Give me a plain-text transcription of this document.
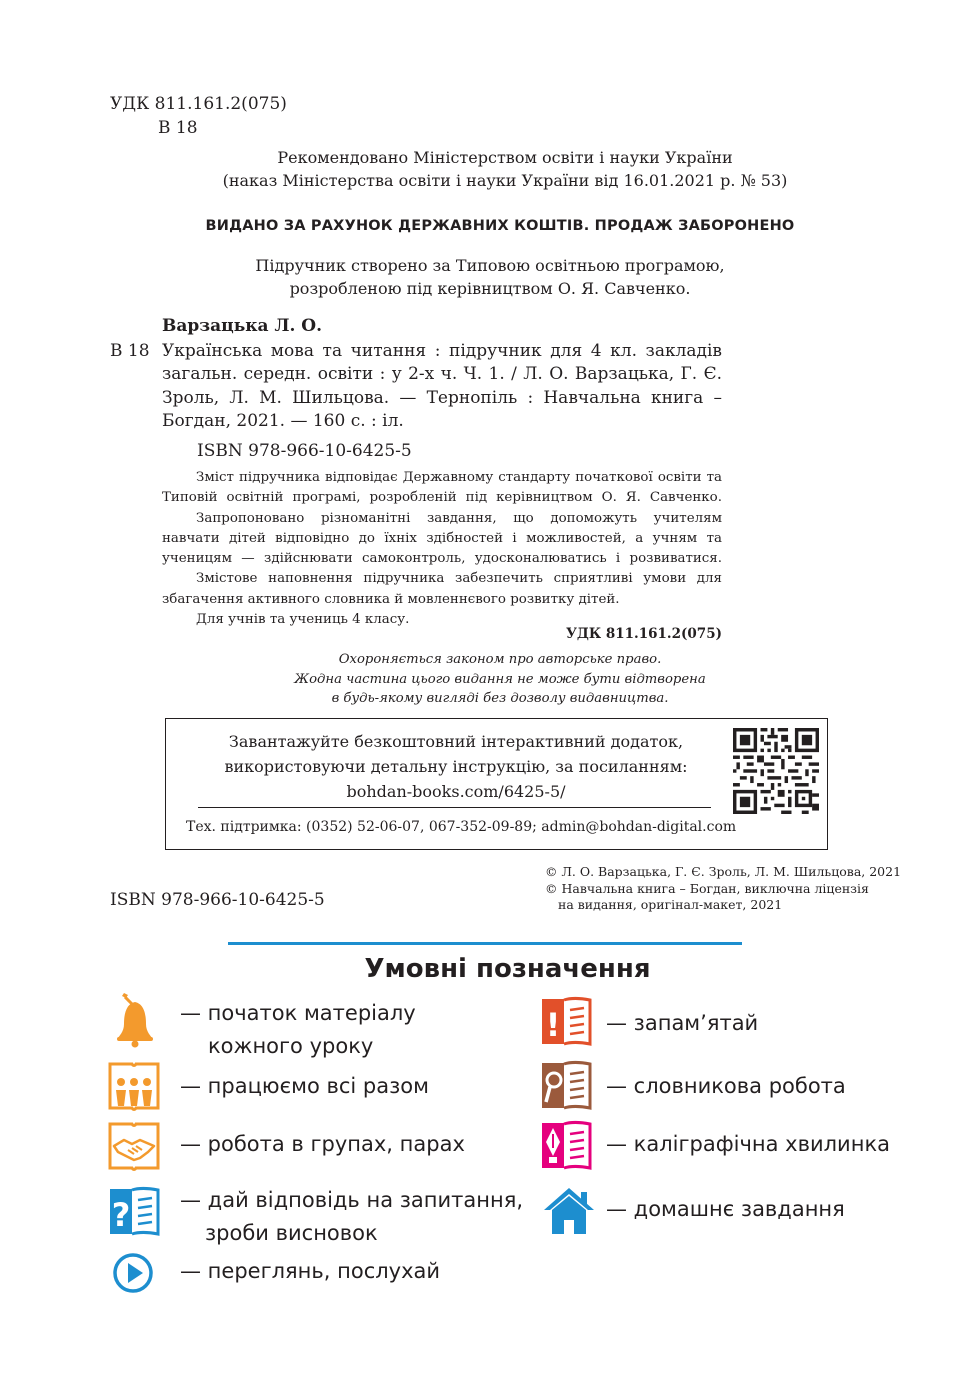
УДК 811.161.2(075)
В 18
Рекомендовано Міністерством освіти і науки України
(наказ Міністерства освіти і науки України від 16.01.2021 р. № 53)
ВИДАНО ЗА РАХУНОК ДЕРЖАВНИХ КОШТІВ. ПРОДАЖ ЗАБОРОНЕНО
Підручник створено за Типовою освітньою програмою,
розробленою під керівництвом О. Я. Савченко.
Варзацька Л. О.
В 18 Українська мова та читання : підручник для 4 кл. закладів загальн. середн. освіти : у 2-х ч. Ч. 1. / Л. О. Варзацька, Г. Є. Зроль, Л. М. Шильцова. — Тернопіль : Навчальна книга – Богдан, 2021. — 160 с. : іл.
ISBN 978-966-10-6425-5

Зміст підручника відповідає Державному стандарту початкової освіти та Типовій освітній програмі, розробленій під керівництвом О. Я. Савченко.

Запропоновано різноманітні завдання, що допоможуть учителям навчати дітей відповідно до їхніх здібностей і можливостей, а учням та ученицям — здійснювати самоконтроль, удосконалюватись і розвиватися.

Змістове наповнення підручника забезпечить сприятливі умови для збагачення активного словника й мовленнєвого розвитку дітей.

Для учнів та учениць 4 класу.

УДК 811.161.2(075)
Охороняється законом про авторське право.
Жодна частина цього видання не може бути відтворена
в будь-якому вигляді без дозволу видавництва.
Завантажуйте безкоштовний інтерактивний додаток,
використовуючи детальну інструкцію, за посиланням:
bohdan-books.com/6425-5/
Тех. підтримка: (0352) 52-06-07, 067-352-09-89; admin@bohdan-digital.com
© Л. О. Варзацька, Г. Є. Зроль, Л. М. Шильцова, 2021
© Навчальна книга – Богдан, виключна ліцензія
на видання, оригінал-макет, 2021
ISBN 978-966-10-6425-5
Умовні позначення
— початок матеріалу
кожного уроку
— працюємо всі разом
— робота в групах, парах
? — дай відповідь на запитання,
зроби висновок
— переглянь, послухай
! — запам’ятай
— словникова робота
— каліграфічна хвилинка
— домашнє завдання
